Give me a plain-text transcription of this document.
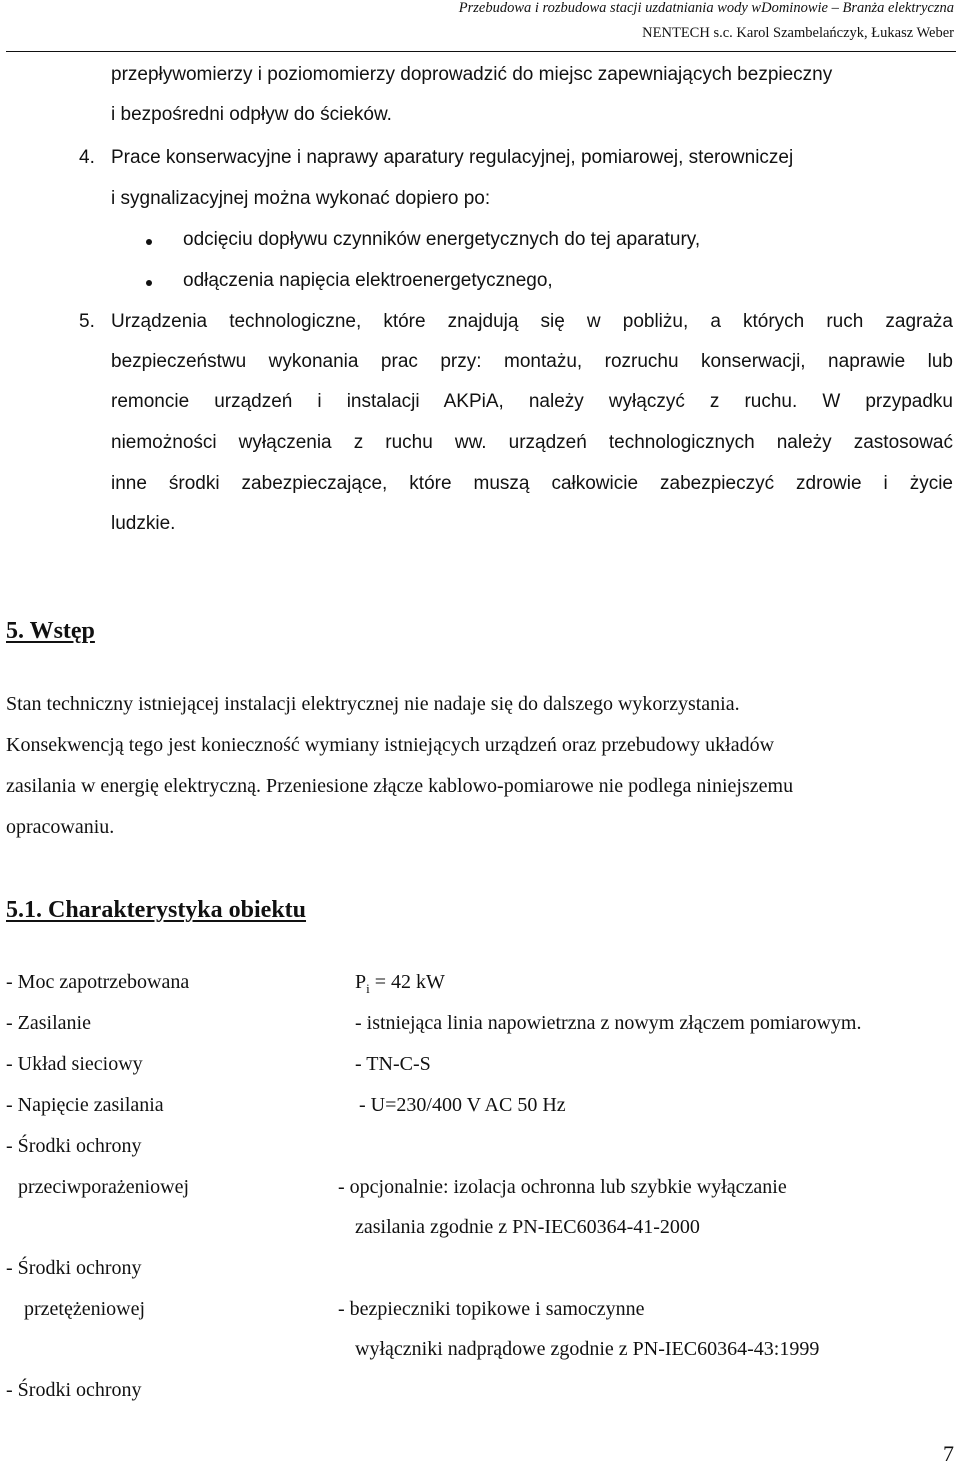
Przebudowa i rozbudowa stacji uzdatniania wody wDominowie – Branża elektryczna
NENTECH s.c. Karol Szambelańczyk, Łukasz Weber
przepływomierzy i poziomomierzy doprowadzić do miejsc zapewniających bezpieczny
i bezpośredni odpływ do ścieków.
4. Prace konserwacyjne i naprawy aparatury regulacyjnej, pomiarowej, sterowniczej
i sygnalizacyjnej można wykonać dopiero po:
odcięciu dopływu czynników energetycznych do tej aparatury,
odłączenia napięcia elektroenergetycznego,
5. Urządzenia technologiczne, które znajdują się w pobliżu, a których ruch zagraża
bezpieczeństwu wykonania prac przy: montażu, rozruchu konserwacji, naprawie lub
remoncie urządzeń i instalacji AKPiA, należy wyłączyć z ruchu. W przypadku
niemożności wyłączenia z ruchu ww. urządzeń technologicznych należy zastosować
inne środki zabezpieczające, które muszą całkowicie zabezpieczyć zdrowie i życie
ludzkie.
5. Wstęp
Stan techniczny istniejącej instalacji elektrycznej nie nadaje się do dalszego wykorzystania.
Konsekwencją tego jest konieczność wymiany istniejących urządzeń oraz przebudowy układów
zasilania w energię elektryczną. Przeniesione złącze kablowo-pomiarowe nie podlega niniejszemu
opracowaniu.
5.1. Charakterystyka obiektu
- Moc zapotrzebowana	$P_i = 42$ kW
- Zasilanie	- istniejąca linia napowietrzna z nowym złączem pomiarowym.
- Układ sieciowy	- TN-C-S
- Napięcie zasilania	- U=230/400 V AC 50 Hz
- Środki ochrony
przeciwporażeniowej	- opcjonalnie: izolacja ochronna lub szybkie wyłączanie
zasilania zgodnie z PN-IEC60364-41-2000
- Środki ochrony
przetężeniowej	- bezpieczniki topikowe i samoczynne
wyłączniki nadprądowe zgodnie z PN-IEC60364-43:1999
- Środki ochrony
7
